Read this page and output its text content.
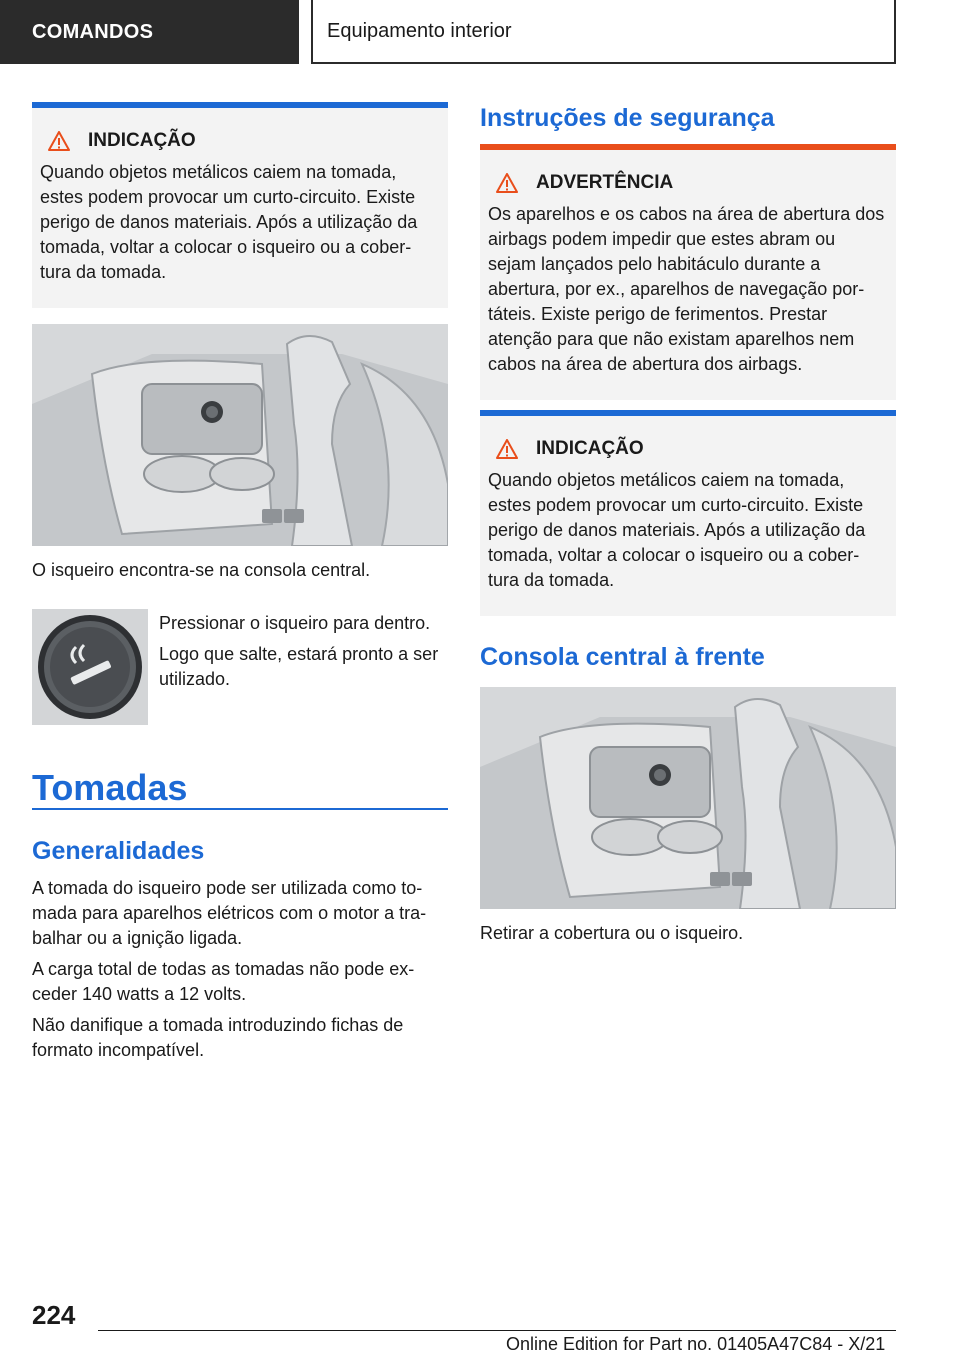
COMANDOS	Equipamento interior
INDICAÇÃO
Quando objetos metálicos caiem na tomada, estes podem provocar um curto-circuito. Existe perigo de danos materiais. Após a utilização da tomada, voltar a colocar o isqueiro ou a cober-tura da tomada.

O isqueiro encontra-se na consola central.

Pressionar o isqueiro para dentro.

Logo que salte, estará pronto a ser utilizado.

Tomadas
Generalidades

A tomada do isqueiro pode ser utilizada como to-mada para aparelhos elétricos com o motor a tra-balhar ou a ignição ligada.

A carga total de todas as tomadas não pode ex-ceder 140 watts a 12 volts.

Não danifique a tomada introduzindo fichas de formato incompatível.

Instruções de segurança
ADVERTÊNCIA
Os aparelhos e os cabos na área de abertura dos airbags podem impedir que estes abram ou sejam lançados pelo habitáculo durante a abertura, por ex., aparelhos de navegação por-táteis. Existe perigo de ferimentos. Prestar atenção para que não existam aparelhos nem cabos na área de abertura dos airbags.
INDICAÇÃO
Quando objetos metálicos caiem na tomada, estes podem provocar um curto-circuito. Existe perigo de danos materiais. Após a utilização da tomada, voltar a colocar o isqueiro ou a cober-tura da tomada.
Consola central à frente

Retirar a cobertura ou o isqueiro.

224
Online Edition for Part no. 01405A47C84 - X/21
